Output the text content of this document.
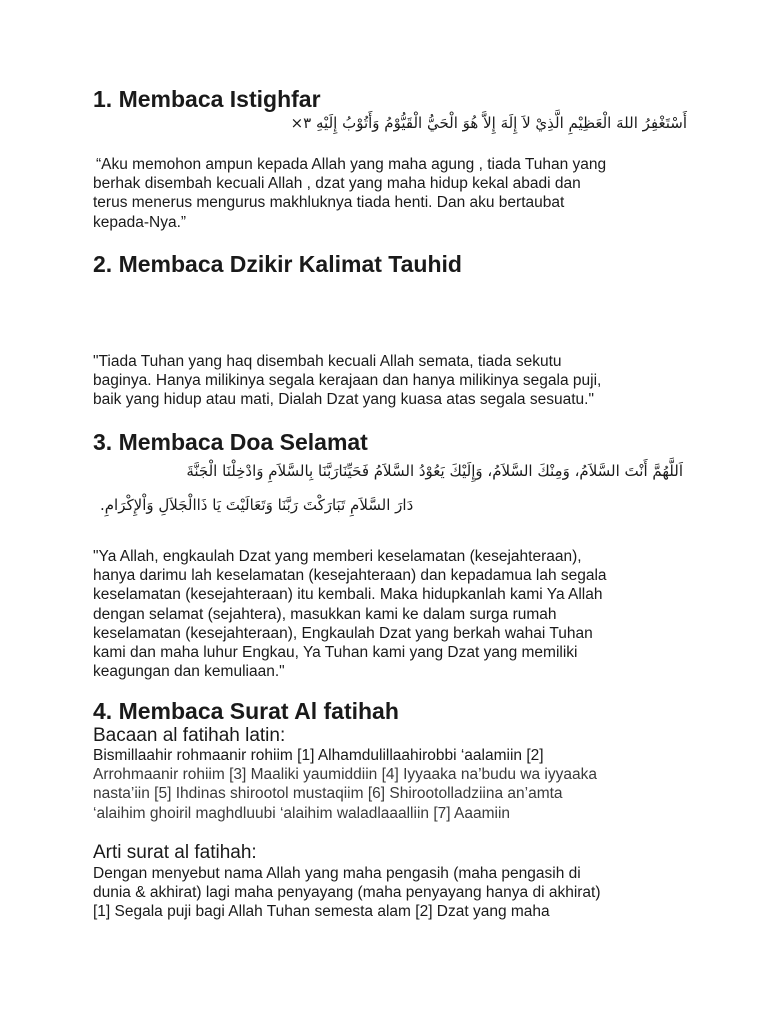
1. Membaca Istighfar

أَسْتَغْفِرُ اللهَ الْعَظِيْمِ الَّذِيْ لاَ إِلَهَ إِلاَّ هُوَ الْحَيُّ الْقَيُّوْمُ وَأَتُوْبُ إِلَيْهِ ٣×

“Aku memohon ampun kepada Allah yang maha agung , tiada Tuhan yang
berhak disembah kecuali Allah , dzat yang maha hidup kekal abadi dan
terus menerus mengurus makhluknya tiada henti. Dan aku bertaubat
kepada-Nya.”
2. Membaca Dzikir Kalimat Tauhid
"Tiada Tuhan yang haq disembah kecuali Allah semata, tiada sekutu
baginya. Hanya milikinya segala kerajaan dan hanya milikinya segala puji,
baik yang hidup atau mati, Dialah Dzat yang kuasa atas segala sesuatu."
3. Membaca Doa Selamat

اَللَّهُمَّ أَنْتَ السَّلاَمُ، وَمِنْكَ السَّلاَمُ، وَإِلَيْكَ يَعُوْدُ السَّلاَمُ فَحَيِّنَارَبَّنَا بِالسَّلاَمِ وَادْخِلْنَا الْجَنَّةَ

دَارَ السَّلاَمِ تَبَارَكْتَ رَبَّنَا وَتَعَالَيْتَ يَا ذَاالْجَلاَلِ وَاْلإِكْرَامِ.

"Ya Allah, engkaulah Dzat yang memberi keselamatan (kesejahteraan),
hanya darimu lah keselamatan (kesejahteraan) dan kepadamua lah segala
keselamatan (kesejahteraan) itu kembali. Maka hidupkanlah kami Ya Allah
dengan selamat (sejahtera), masukkan kami ke dalam surga rumah
keselamatan (kesejahteraan), Engkaulah Dzat yang berkah wahai Tuhan
kami dan maha luhur Engkau, Ya Tuhan kami yang Dzat yang memiliki
keagungan dan kemuliaan."
4. Membaca Surat Al fatihah

Bacaan al fatihah latin:

Bismillaahir rohmaanir rohiim [1] Alhamdulillaahirobbi ‘aalamiin [2]
Arrohmaanir rohiim [3] Maaliki yaumiddiin [4] Iyyaaka na’budu wa iyyaaka
nasta’iin [5] Ihdinas shirootol mustaqiim [6] Shirootolladziina an’amta
‘alaihim ghoiril maghdluubi ‘alaihim waladlaaalliin [7] Aaamiin

Arti surat al fatihah:

Dengan menyebut nama Allah yang maha pengasih (maha pengasih di
dunia & akhirat) lagi maha penyayang (maha penyayang hanya di akhirat)
[1] Segala puji bagi Allah Tuhan semesta alam [2] Dzat yang maha
